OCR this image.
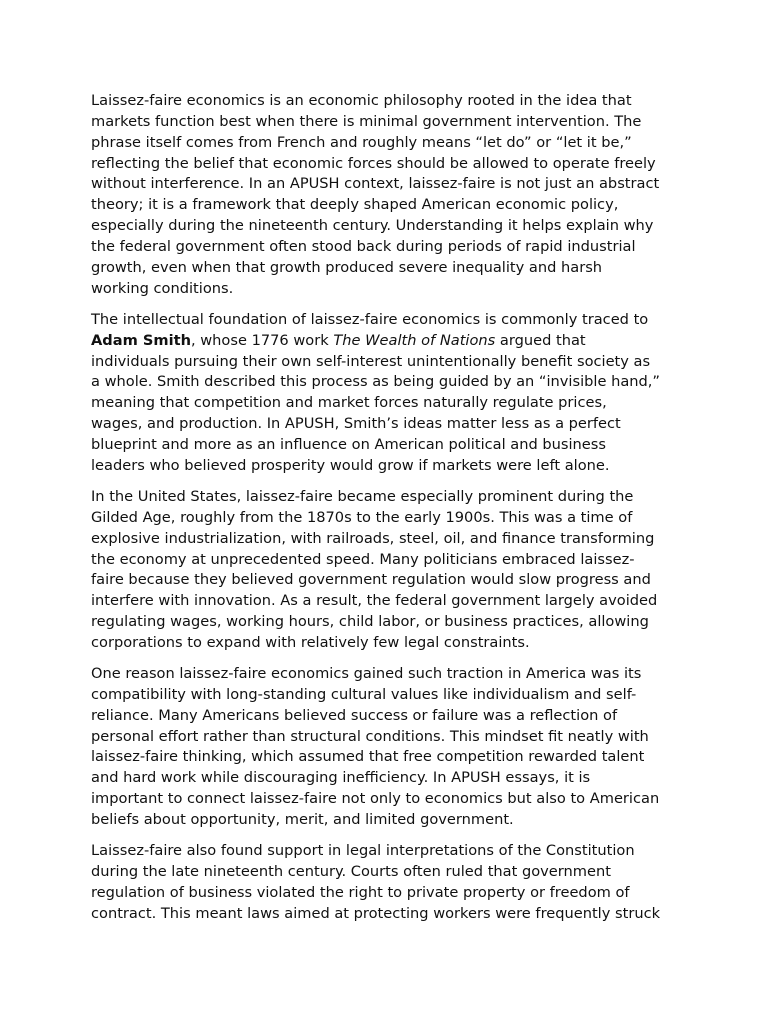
Laissez-faire economics is an economic philosophy rooted in the idea that
markets function best when there is minimal government intervention. The
phrase itself comes from French and roughly means “let do” or “let it be,”
reflecting the belief that economic forces should be allowed to operate freely
without interference. In an APUSH context, laissez-faire is not just an abstract
theory; it is a framework that deeply shaped American economic policy,
especially during the nineteenth century. Understanding it helps explain why
the federal government often stood back during periods of rapid industrial
growth, even when that growth produced severe inequality and harsh
working conditions.

The intellectual foundation of laissez-faire economics is commonly traced to
Adam Smith, whose 1776 work The Wealth of Nations argued that
individuals pursuing their own self-interest unintentionally benefit society as
a whole. Smith described this process as being guided by an “invisible hand,”
meaning that competition and market forces naturally regulate prices,
wages, and production. In APUSH, Smith’s ideas matter less as a perfect
blueprint and more as an influence on American political and business
leaders who believed prosperity would grow if markets were left alone.

In the United States, laissez-faire became especially prominent during the
Gilded Age, roughly from the 1870s to the early 1900s. This was a time of
explosive industrialization, with railroads, steel, oil, and finance transforming
the economy at unprecedented speed. Many politicians embraced laissez-
faire because they believed government regulation would slow progress and
interfere with innovation. As a result, the federal government largely avoided
regulating wages, working hours, child labor, or business practices, allowing
corporations to expand with relatively few legal constraints.

One reason laissez-faire economics gained such traction in America was its
compatibility with long-standing cultural values like individualism and self-
reliance. Many Americans believed success or failure was a reflection of
personal effort rather than structural conditions. This mindset fit neatly with
laissez-faire thinking, which assumed that free competition rewarded talent
and hard work while discouraging inefficiency. In APUSH essays, it is
important to connect laissez-faire not only to economics but also to American
beliefs about opportunity, merit, and limited government.

Laissez-faire also found support in legal interpretations of the Constitution
during the late nineteenth century. Courts often ruled that government
regulation of business violated the right to private property or freedom of
contract. This meant laws aimed at protecting workers were frequently struck
